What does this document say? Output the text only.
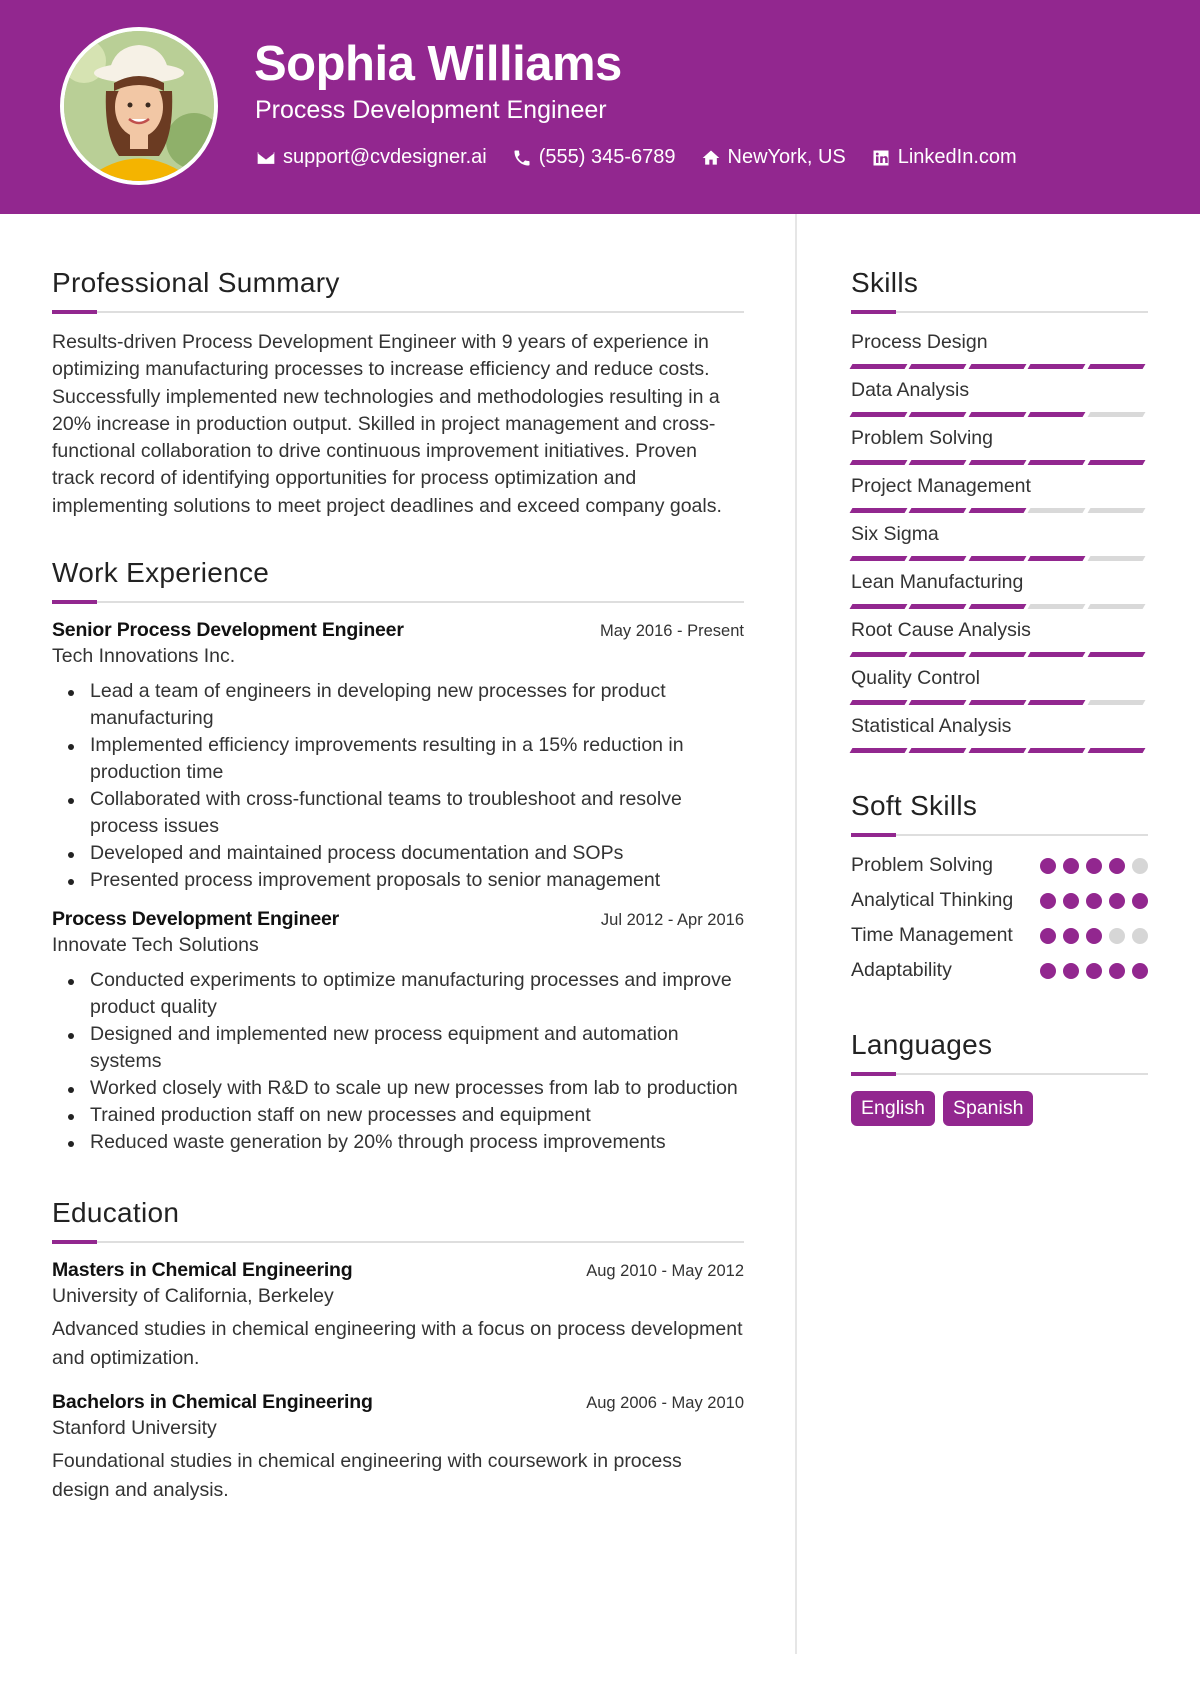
Sophia Williams
Process Development Engineer
support@cvdesigner.ai	(555) 345-6789	NewYork, US	LinkedIn.com
Professional Summary

Results-driven Process Development Engineer with 9 years of experience in optimizing manufacturing processes to increase efficiency and reduce costs. Successfully implemented new technologies and methodologies resulting in a 20% increase in production output. Skilled in project management and cross-functional collaboration to drive continuous improvement initiatives. Proven track record of identifying opportunities for process optimization and implementing solutions to meet project deadlines and exceed company goals.

Work Experience
Senior Process Development Engineer	May 2016 - Present
Tech Innovations Inc.
Lead a team of engineers in developing new processes for product manufacturing
Implemented efficiency improvements resulting in a 15% reduction in production time
Collaborated with cross-functional teams to troubleshoot and resolve process issues
Developed and maintained process documentation and SOPs
Presented process improvement proposals to senior management
Process Development Engineer	Jul 2012 - Apr 2016
Innovate Tech Solutions
Conducted experiments to optimize manufacturing processes and improve product quality
Designed and implemented new process equipment and automation systems
Worked closely with R&D to scale up new processes from lab to production
Trained production staff on new processes and equipment
Reduced waste generation by 20% through process improvements
Education
Masters in Chemical Engineering	Aug 2010 - May 2012
University of California, Berkeley

Advanced studies in chemical engineering with a focus on process development and optimization.

Bachelors in Chemical Engineering	Aug 2006 - May 2010
Stanford University

Foundational studies in chemical engineering with coursework in process design and analysis.

Skills
Process Design
Data Analysis
Problem Solving
Project Management
Six Sigma
Lean Manufacturing
Root Cause Analysis
Quality Control
Statistical Analysis
Soft Skills
Problem Solving
Analytical Thinking
Time Management
Adaptability
Languages
English	Spanish
